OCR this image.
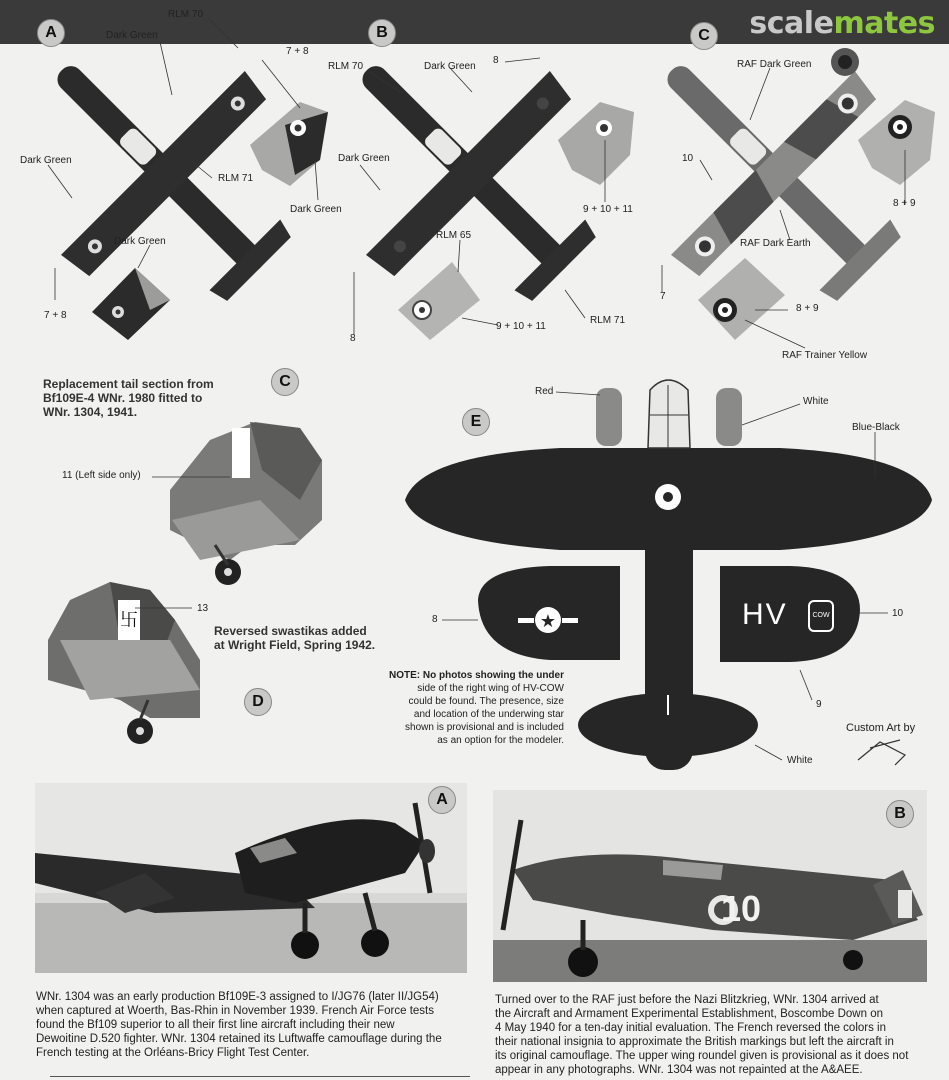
scalemates
卐	★
A	B	C
C
E
D
RLM 70
Dark Green
7 + 8
Dark Green
RLM 71
Dark Green
Dark Green
7 + 8
RLM 70	Dark Green
8
Dark Green
9 + 10 + 11
RLM 65
9 + 10 + 11
RLM 71
8
RAF Dark Green
10
8 + 9
RAF Dark Earth
7
8 + 9
RAF Trainer Yellow
Red
White
Blue-Black
10
8
9
White
HV	COW
11 (Left side only)
13
Replacement tail section from
Bf109E-4 WNr. 1980 fitted to
WNr. 1304, 1941.
Reversed swastikas added
at Wright Field, Spring 1942.
NOTE: No photos showing the under
side of the right wing of HV-COW
could be found. The presence, size
and location of the underwing star
shown is provisional and is included
as an option for the modeler.
Custom Art by
A
10
B
WNr. 1304 was an early production Bf109E-3 assigned to I/JG76 (later II/JG54)
when captured at Woerth, Bas-Rhin in November 1939. French Air Force tests
found the Bf109 superior to all their first line aircraft including their new
Dewoitine D.520 fighter. WNr. 1304 retained its Luftwaffe camouflage during the
French testing at the Orléans-Bricy Flight Test Center.
Turned over to the RAF just before the Nazi Blitzkrieg, WNr. 1304 arrived at
the Aircraft and Armament Experimental Establishment, Boscombe Down on
4 May 1940 for a ten-day initial evaluation. The French reversed the colors in
their national insignia to approximate the British markings but left the aircraft in
its original camouflage. The upper wing roundel given is provisional as it does not
appear in any photographs. WNr. 1304 was not repainted at the A&AEE.
